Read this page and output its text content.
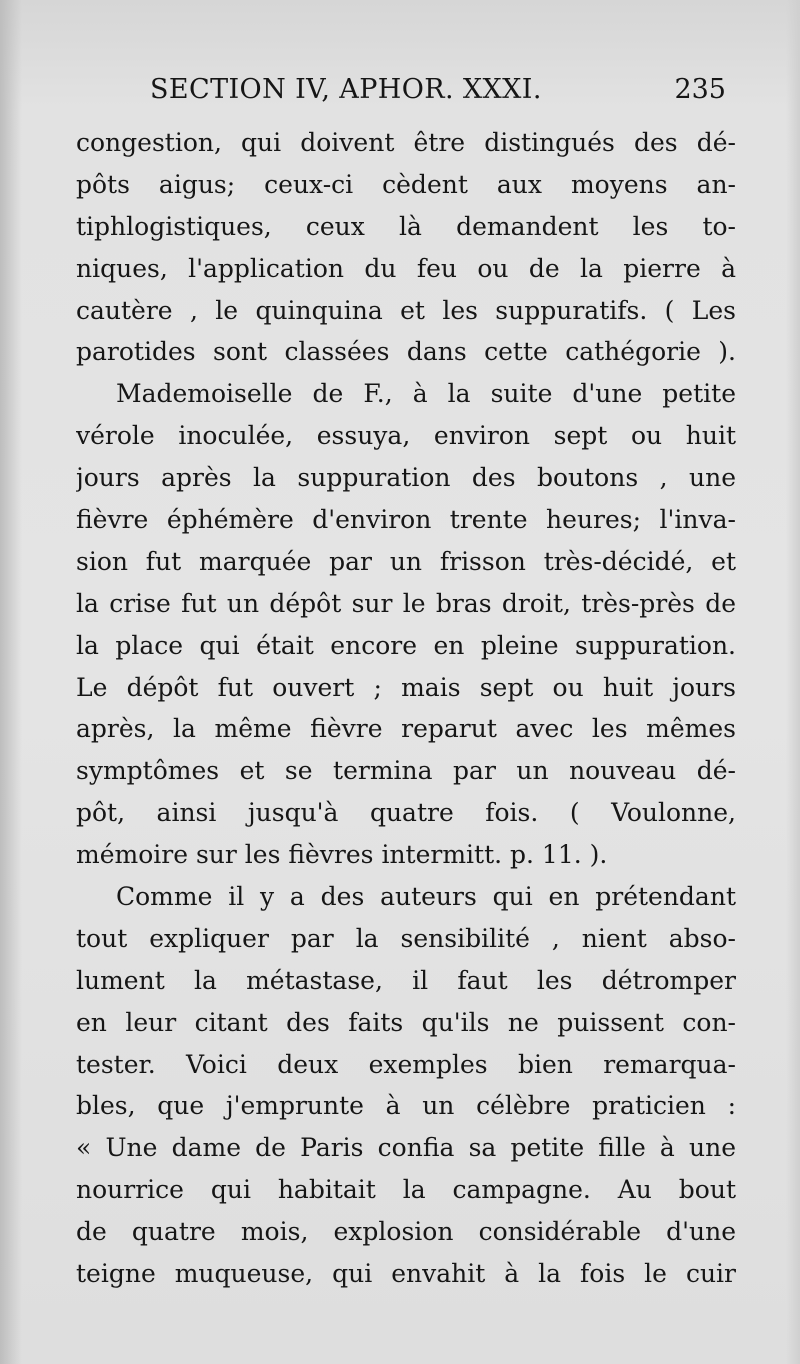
SECTION IV, APHOR. XXXI.	235
congestion, qui doivent être distingués des dé-
pôts aigus; ceux-ci cèdent aux moyens an-
tiphlogistiques, ceux là demandent les to-
niques, l'application du feu ou de la pierre à
cautère , le quinquina et les suppuratifs. ( Les
parotides sont classées dans cette cathégorie ).
Mademoiselle de F., à la suite d'une petite
vérole inoculée, essuya, environ sept ou huit
jours après la suppuration des boutons , une
fièvre éphémère d'environ trente heures; l'inva-
sion fut marquée par un frisson très-décidé, et
la crise fut un dépôt sur le bras droit, très-près de
la place qui était encore en pleine suppuration.
Le dépôt fut ouvert ; mais sept ou huit jours
après, la même fièvre reparut avec les mêmes
symptômes et se termina par un nouveau dé-
pôt, ainsi jusqu'à quatre fois. ( Voulonne,
mémoire sur les fièvres intermitt. p. 11. ).
Comme il y a des auteurs qui en prétendant
tout expliquer par la sensibilité , nient abso-
lument la métastase, il faut les détromper
en leur citant des faits qu'ils ne puissent con-
tester. Voici deux exemples bien remarqua-
bles, que j'emprunte à un célèbre praticien :
« Une dame de Paris confia sa petite fille à une
nourrice qui habitait la campagne. Au bout
de quatre mois, explosion considérable d'une
teigne muqueuse, qui envahit à la fois le cuir
